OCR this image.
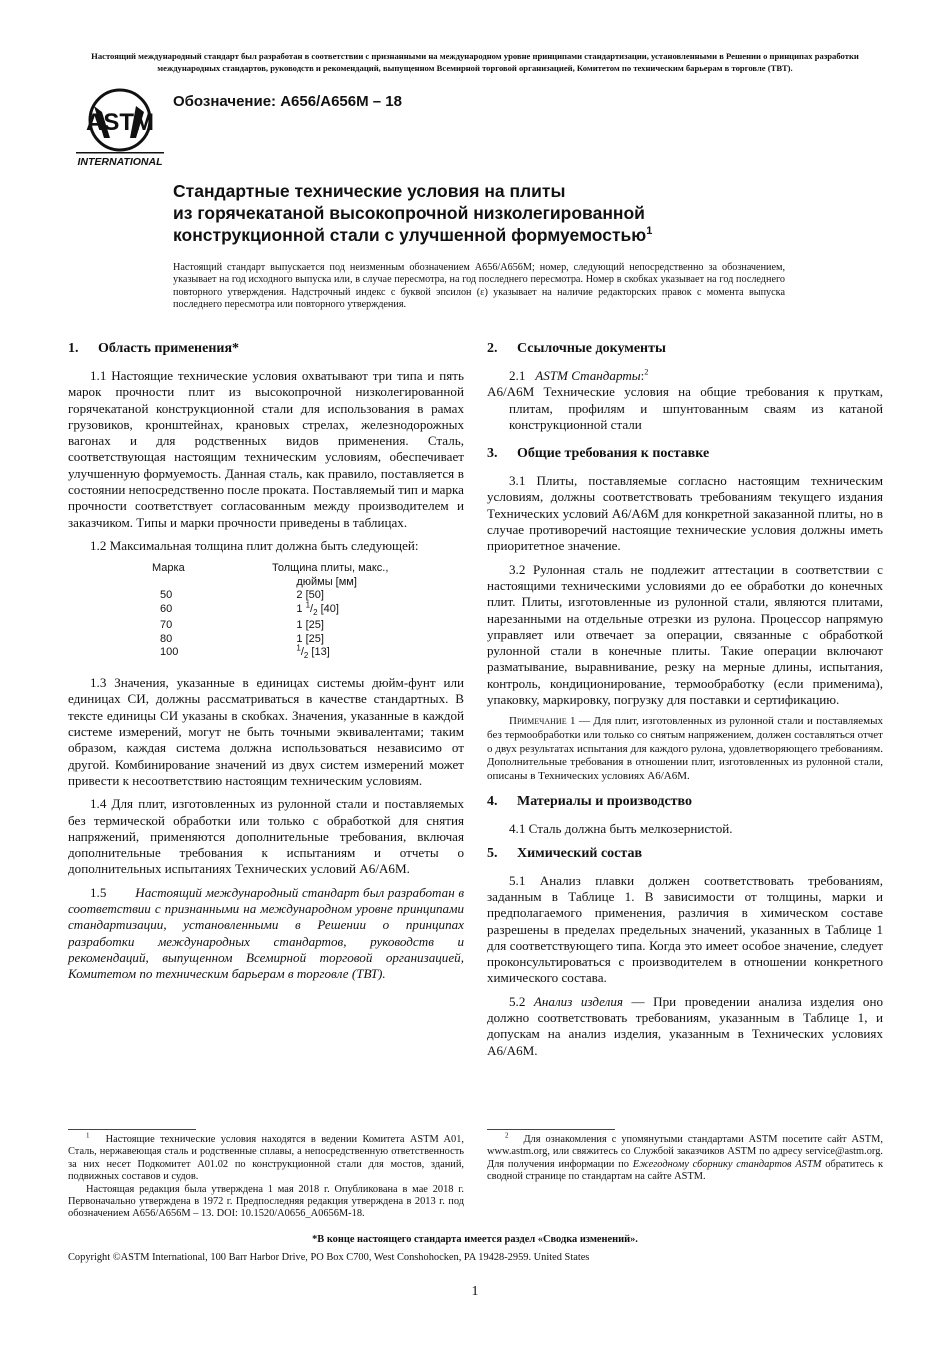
Настоящий международный стандарт был разработан в соответствии с признанными на международном уровне принципами стандартизации, установленными в Решении о принципах разработки международных стандартов, руководств и рекомендаций, выпущенном Всемирной торговой организацией, Комитетом по техническим барьерам в торговле (ТВТ).
ASTM
INTERNATIONAL
Обозначение: A656/A656M – 18
Стандартные технические условия на плиты
из горячекатаной высокопрочной низколегированной
конструкционной стали с улучшенной формуемостью$^1$
Настоящий стандарт выпускается под неизменным обозначением A656/A656M; номер, следующий непосредственно за обозначением, указывает на год исходного выпуска или, в случае пересмотра, на год последнего пересмотра. Номер в скобках указывает на год последнего повторного утверждения. Надстрочный индекс с буквой эпсилон (ε) указывает на наличие редакторских правок с момента выпуска последнего пересмотра или повторного утверждения.
1. Область применения*

1.1 Настоящие технические условия охватывают три типа и пять марок прочности плит из высокопрочной низколегированной горячекатаной конструкционной стали для использования в рамах грузовиков, кронштейнах, крановых стрелах, железнодорожных вагонах и для родственных видов применения. Сталь, соответствующая настоящим техническим условиям, обеспечивает улучшенную формуемость. Данная сталь, как правило, поставляется в состоянии непосредственно после проката. Поставляемый тип и марка прочности соответствует согласованным между производителем и заказчиком. Типы и марки прочности приведены в таблицах.

1.2 Максимальная толщина плит должна быть следующей:

Марка	Толщина плиты, макс.,
дюймы [мм]
50	2 [50]
60	1 $^1/_2$ [40]
70	1 [25]
80	1 [25]
100	$^1/_2$ [13]

1.3 Значения, указанные в единицах системы дюйм-фунт или единицах СИ, должны рассматриваться в качестве стандартных. В тексте единицы СИ указаны в скобках. Значения, указанные в каждой системе измерений, могут не быть точными эквивалентами; таким образом, каждая система должна использоваться независимо от другой. Комбинирование значений из двух систем измерений может привести к несоответствию настоящим техническим условиям.

1.4 Для плит, изготовленных из рулонной стали и поставляемых без термической обработки или только с обработкой для снятия напряжений, применяются дополнительные требования, включая дополнительные требования к испытаниям и отчеты о дополнительных испытаниях Технических условий A6/A6M.

1.5 Настоящий международный стандарт был разработан в соответствии с признанными на международном уровне принципами стандартизации, установленными в Решении о принципах разработки международных стандартов, руководств и рекомендаций, выпущенном Всемирной торговой организацией, Комитетом по техническим барьерам в торговле (ТВТ).

2. Ссылочные документы
2.1 ASTM Стандарты:$^2$
A6/A6M Технические условия на общие требования к пруткам, плитам, профилям и шпунтованным сваям из катаной конструкционной стали
3. Общие требования к поставке

3.1 Плиты, поставляемые согласно настоящим техническим условиям, должны соответствовать требованиям текущего издания Технических условий A6/A6M для конкретной заказанной плиты, но в случае противоречий настоящие технические условия должны иметь приоритетное значение.

3.2 Рулонная сталь не подлежит аттестации в соответствии с настоящими техническими условиями до ее обработки до конечных плит. Плиты, изготовленные из рулонной стали, являются плитами, нарезанными на отдельные отрезки из рулона. Процессор напрямую управляет или отвечает за операции, связанные с обработкой рулонной стали в конечные плиты. Такие операции включают разматывание, выравнивание, резку на мерные длины, испытания, контроль, кондиционирование, термообработку (если применима), упаковку, маркировку, погрузку для поставки и сертификацию.

Примечание 1 — Для плит, изготовленных из рулонной стали и поставляемых без термообработки или только со снятым напряжением, должен составляться отчет о двух результатах испытания для каждого рулона, удовлетворяющего требованиям. Дополнительные требования в отношении плит, изготовленных из рулонной стали, описаны в Технических условиях A6/A6M.
4. Материалы и производство

4.1 Сталь должна быть мелкозернистой.

5. Химический состав

5.1 Анализ плавки должен соответствовать требованиям, заданным в Таблице 1. В зависимости от толщины, марки и предполагаемого применения, различия в химическом составе разрешены в пределах предельных значений, указанных в Таблице 1 для соответствующего типа. Когда это имеет особое значение, следует проконсультироваться с производителем в отношении конкретного химического состава.

5.2 Анализ изделия — При проведении анализа изделия оно должно соответствовать требованиям, указанным в Таблице 1, и допускам на анализ изделия, указанным в Технических условиях A6/A6M.

$^1$ Настоящие технические условия находятся в ведении Комитета ASTM A01, Сталь, нержавеющая сталь и родственные сплавы, а непосредственную ответственность за них несет Подкомитет A01.02 по конструкционной стали для мостов, зданий, подвижных составов и судов.

Настоящая редакция была утверждена 1 мая 2018 г. Опубликована в мае 2018 г. Первоначально утверждена в 1972 г. Предпоследняя редакция утверждена в 2013 г. под обозначением A656/A656M – 13. DOI: 10.1520/A0656_A0656M-18.

$^2$ Для ознакомления с упомянутыми стандартами ASTM посетите сайт ASTM, www.astm.org, или свяжитесь со Службой заказчиков ASTM по адресу service@astm.org. Для получения информации по Ежегодному сборнику стандартов ASTM обратитесь к сводной странице по стандартам на сайте ASTM.

*В конце настоящего стандарта имеется раздел «Сводка изменений».
Copyright ©ASTM International, 100 Barr Harbor Drive, PO Box C700, West Conshohocken, PA 19428-2959. United States
1
